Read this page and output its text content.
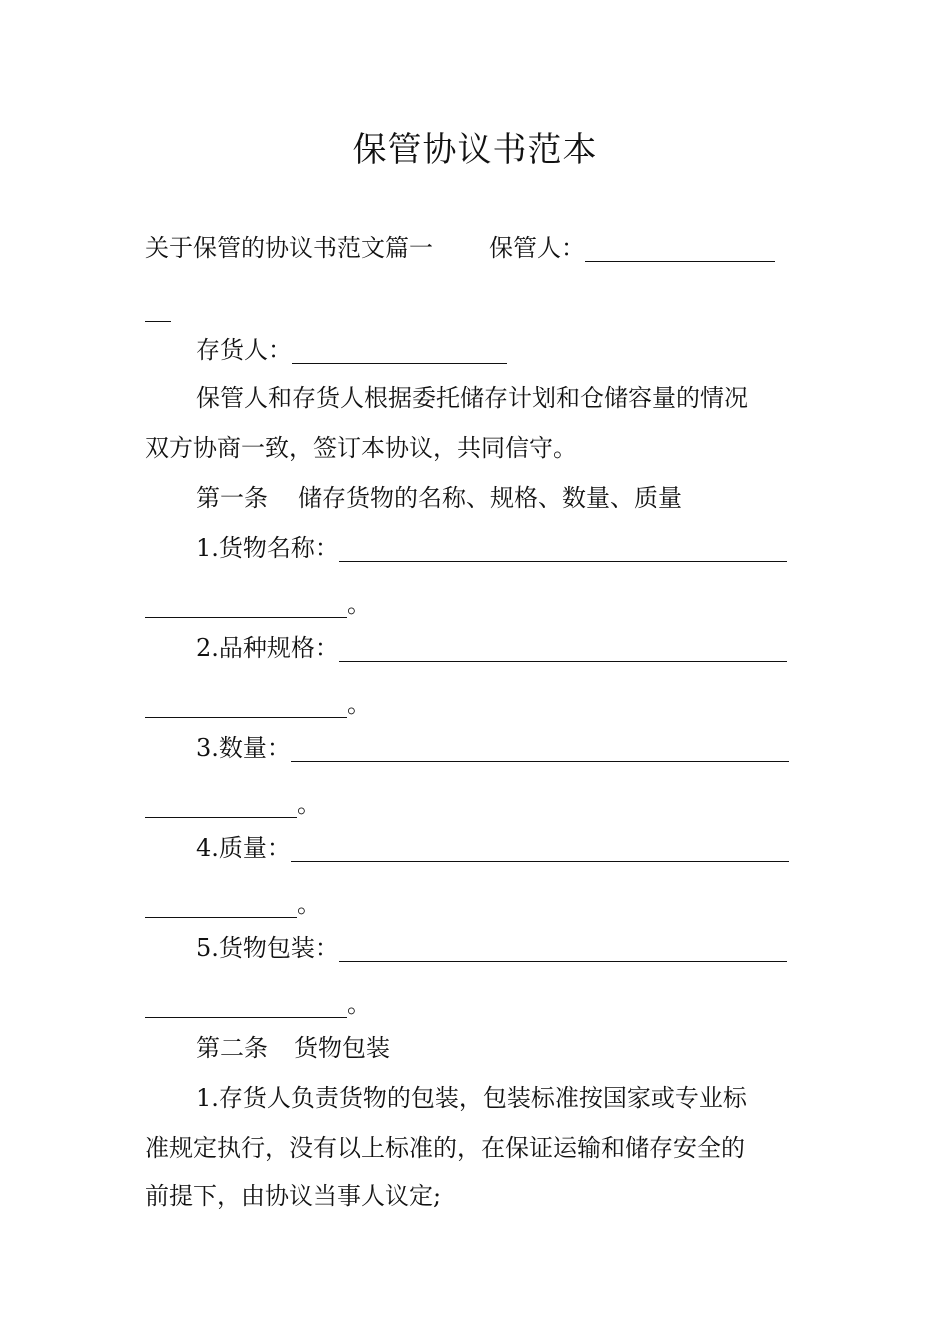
保管协议书范本
关于保管的协议书范文篇一 保管人：
存货人：
保管人和存货人根据委托储存计划和仓储容量的情况
双方协商一致，签订本协议，共同信守。
第一条 储存货物的名称、规格、数量、质量
1.货物名称：
。
2.品种规格：
。
3.数量：
。
4.质量：
。
5.货物包装：
。
第二条 货物包装
1.存货人负责货物的包装，包装标准按国家或专业标
准规定执行，没有以上标准的，在保证运输和储存安全的
前提下，由协议当事人议定;
